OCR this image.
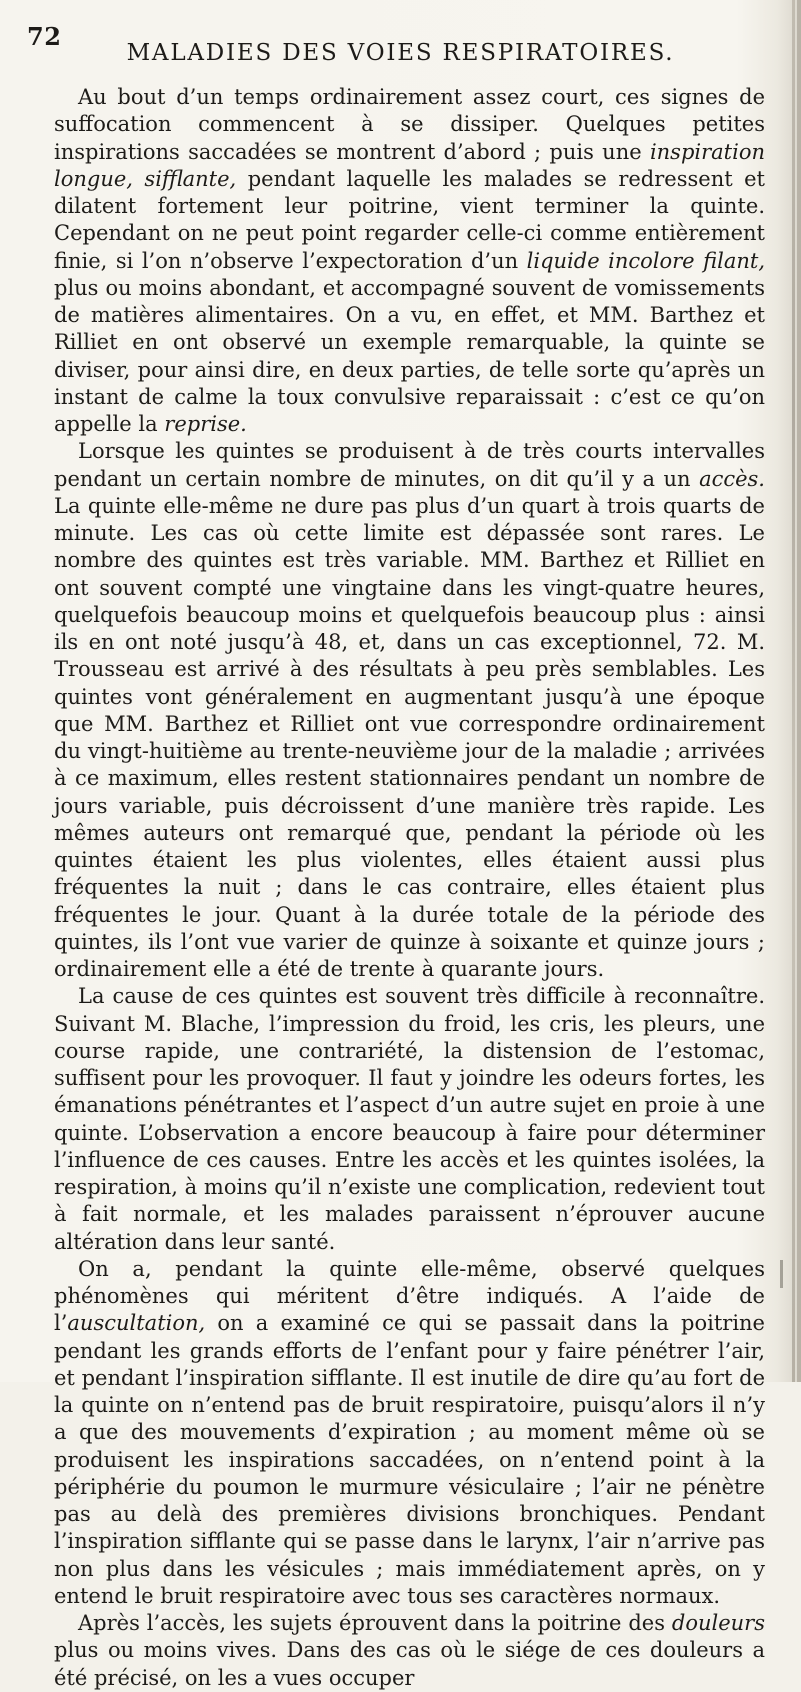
72
MALADIES DES VOIES RESPIRATOIRES.

Au bout d’un temps ordinairement assez court, ces signes de suffocation commencent à se dissiper. Quelques petites inspirations saccadées se montrent d’abord ; puis une inspiration longue, sifflante, pendant laquelle les malades se redressent et dilatent fortement leur poitrine, vient terminer la quinte. Cependant on ne peut point regarder celle-ci comme entièrement finie, si l’on n’observe l’expectoration d’un liquide incolore filant, plus ou moins abondant, et accompagné souvent de vomissements de matières alimentaires. On a vu, en effet, et MM. Barthez et Rilliet en ont observé un exemple remarquable, la quinte se diviser, pour ainsi dire, en deux parties, de telle sorte qu’après un instant de calme la toux convulsive reparaissait : c’est ce qu’on appelle la reprise.

Lorsque les quintes se produisent à de très courts intervalles pendant un certain nombre de minutes, on dit qu’il y a un accès. La quinte elle-même ne dure pas plus d’un quart à trois quarts de minute. Les cas où cette limite est dépassée sont rares. Le nombre des quintes est très variable. MM. Barthez et Rilliet en ont souvent compté une vingtaine dans les vingt-quatre heures, quelquefois beaucoup moins et quelquefois beaucoup plus : ainsi ils en ont noté jusqu’à 48, et, dans un cas exceptionnel, 72. M. Trousseau est arrivé à des résultats à peu près semblables. Les quintes vont généralement en augmentant jusqu’à une époque que MM. Barthez et Rilliet ont vue correspondre ordinairement du vingt-huitième au trente-neuvième jour de la maladie ; arrivées à ce maximum, elles restent stationnaires pendant un nombre de jours variable, puis décroissent d’une manière très rapide. Les mêmes auteurs ont remarqué que, pendant la période où les quintes étaient les plus violentes, elles étaient aussi plus fréquentes la nuit ; dans le cas contraire, elles étaient plus fréquentes le jour. Quant à la durée totale de la période des quintes, ils l’ont vue varier de quinze à soixante et quinze jours ; ordinairement elle a été de trente à quarante jours.

La cause de ces quintes est souvent très difficile à reconnaître. Suivant M. Blache, l’impression du froid, les cris, les pleurs, une course rapide, une contrariété, la distension de l’estomac, suffisent pour les provoquer. Il faut y joindre les odeurs fortes, les émanations pénétrantes et l’aspect d’un autre sujet en proie à une quinte. L’observation a encore beaucoup à faire pour déterminer l’influence de ces causes. Entre les accès et les quintes isolées, la respiration, à moins qu’il n’existe une complication, redevient tout à fait normale, et les malades paraissent n’éprouver aucune altération dans leur santé.

On a, pendant la quinte elle-même, observé quelques phénomènes qui méritent d’être indiqués. A l’aide de l’auscultation, on a examiné ce qui se passait dans la poitrine pendant les grands efforts de l’enfant pour y faire pénétrer l’air, et pendant l’inspiration sifflante. Il est inutile de dire qu’au fort de la quinte on n’entend pas de bruit respiratoire, puisqu’alors il n’y a que des mouvements d’expiration ; au moment même où se produisent les inspirations saccadées, on n’entend point à la périphérie du poumon le murmure vésiculaire ; l’air ne pénètre pas au delà des premières divisions bronchiques. Pendant l’inspiration sifflante qui se passe dans le larynx, l’air n’arrive pas non plus dans les vésicules ; mais immédiatement après, on y entend le bruit respiratoire avec tous ses caractères normaux.

Après l’accès, les sujets éprouvent dans la poitrine des douleurs plus ou moins vives. Dans des cas où le siége de ces douleurs a été précisé, on les a vues occuper
